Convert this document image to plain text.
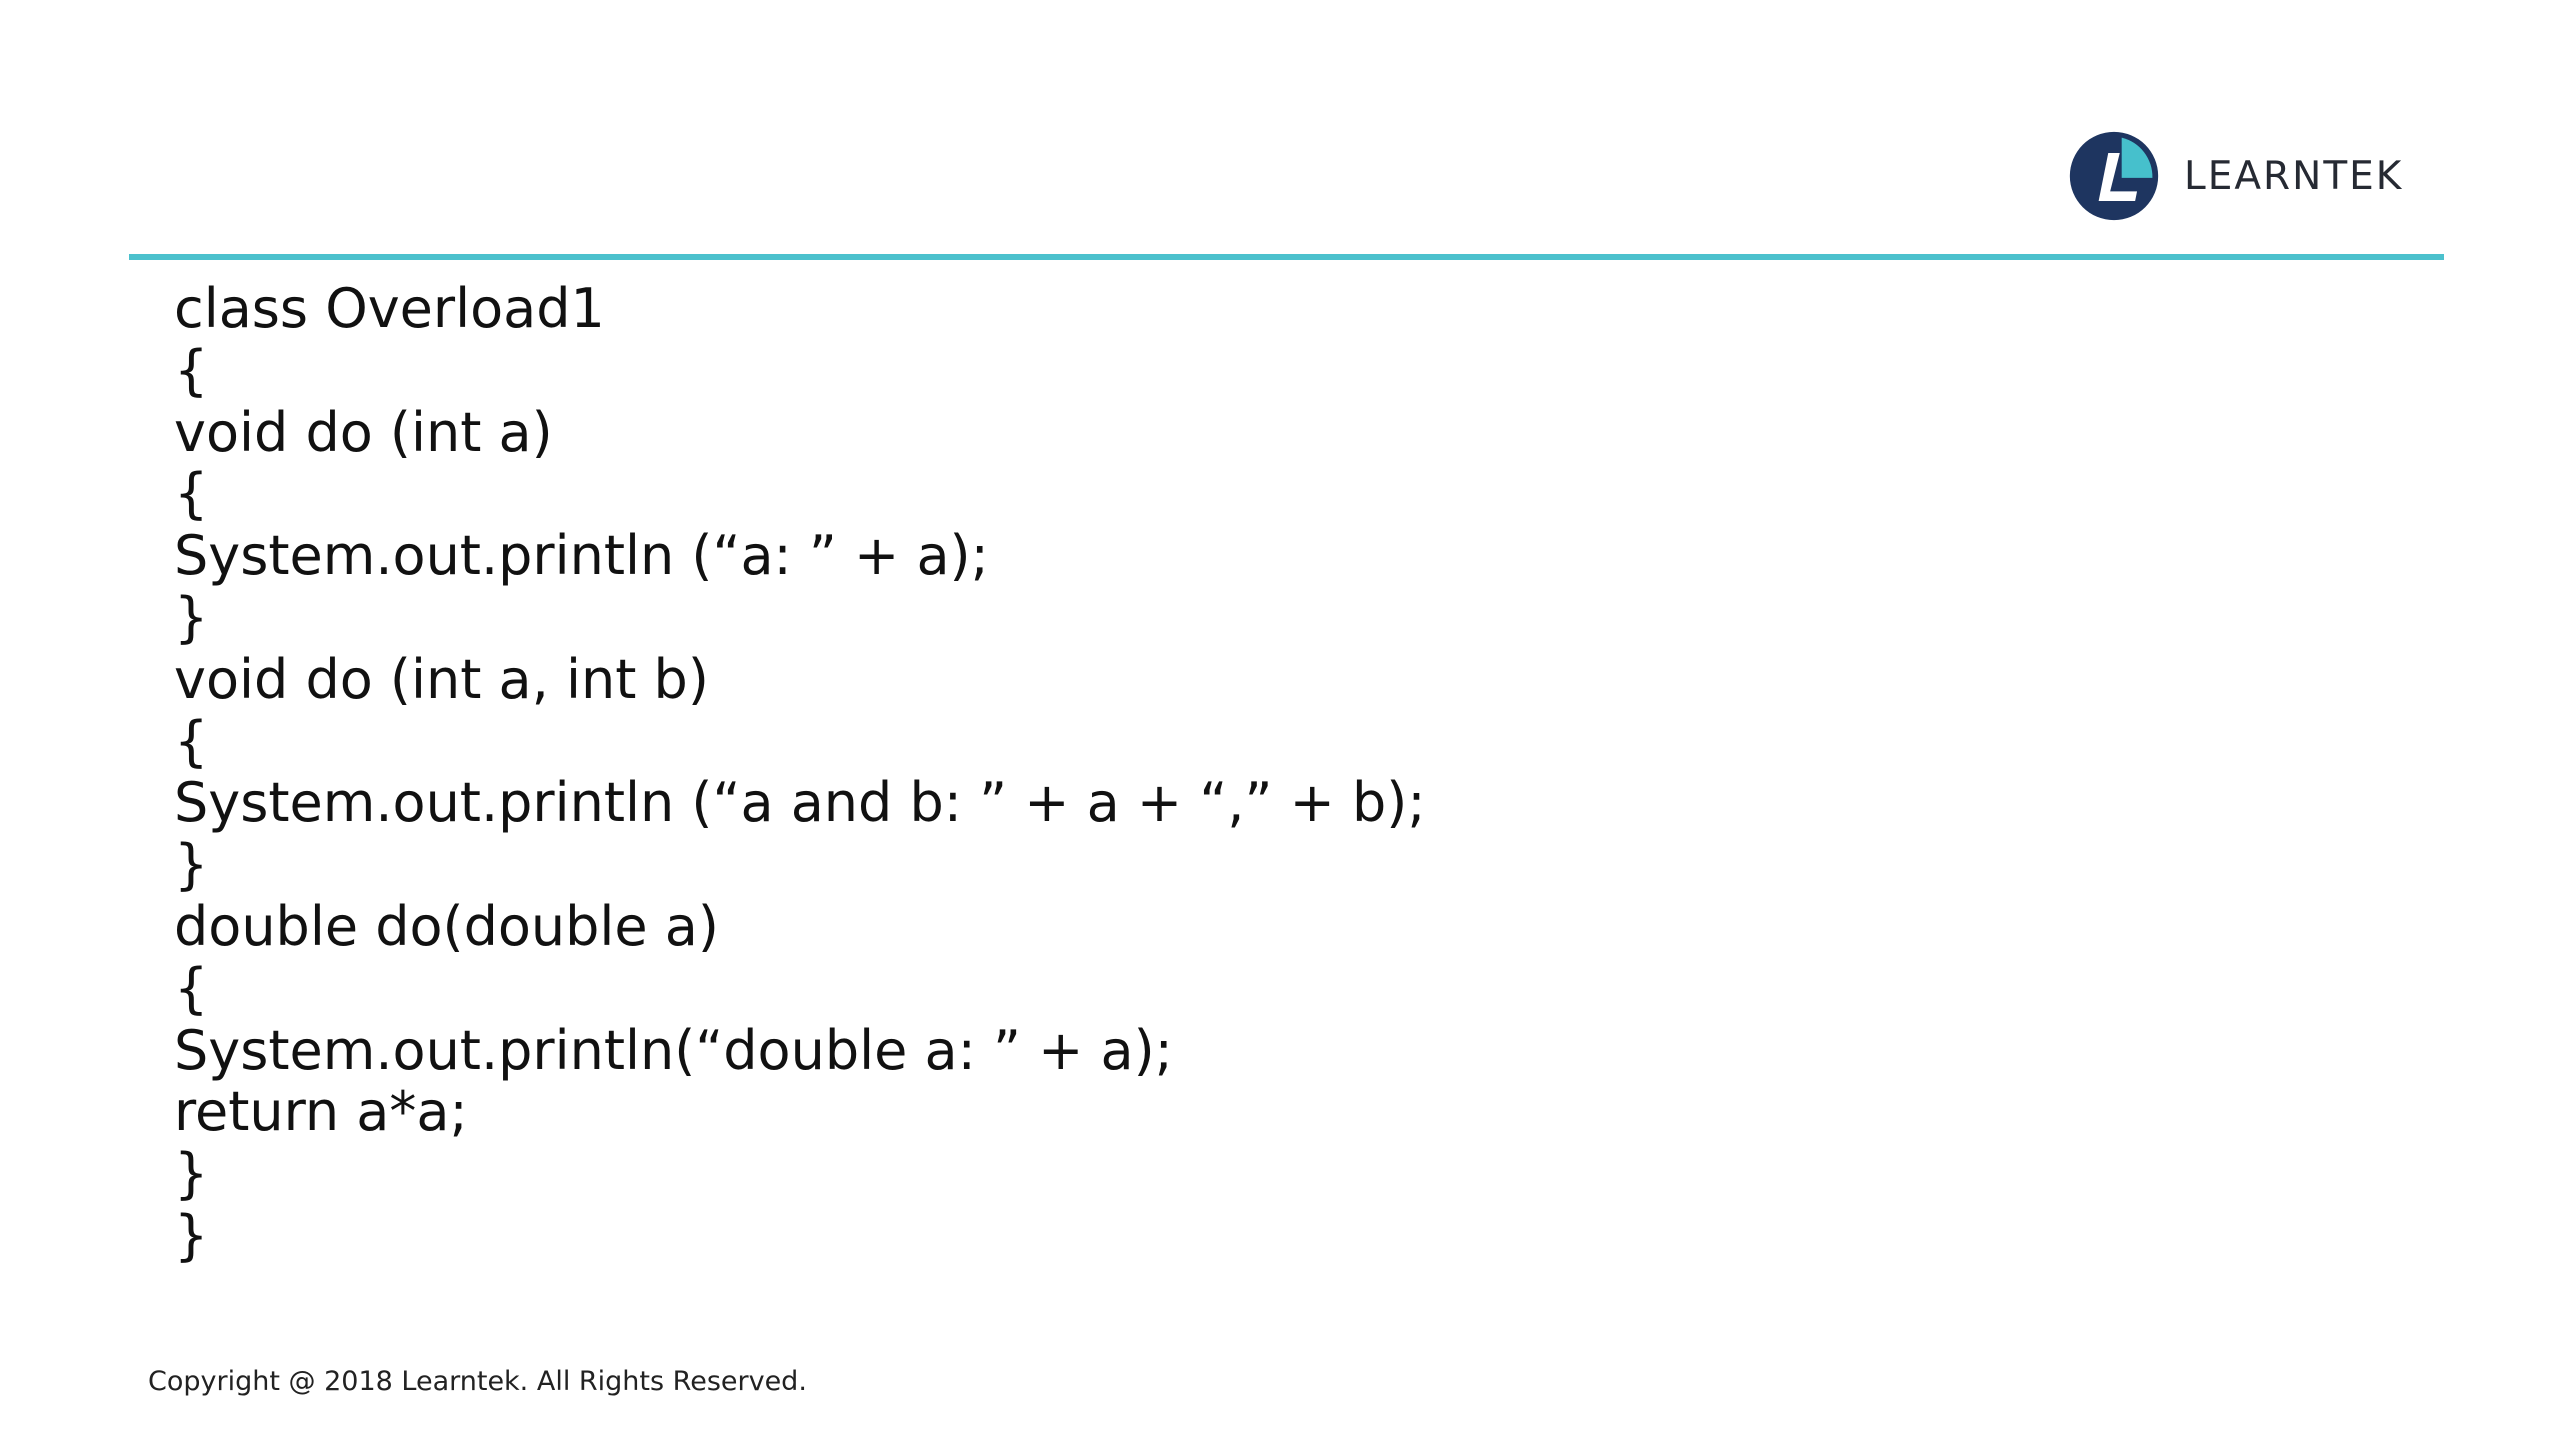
LEARNTEK
class Overload1
{
void do (int a)
{
System.out.println (“a: ” + a);
}
void do (int a, int b)
{
System.out.println (“a and b: ” + a + “,” + b);
}
double do(double a)
{
System.out.println(“double a: ” + a);
return a*a;
}
}
Copyright @ 2018 Learntek. All Rights Reserved.
